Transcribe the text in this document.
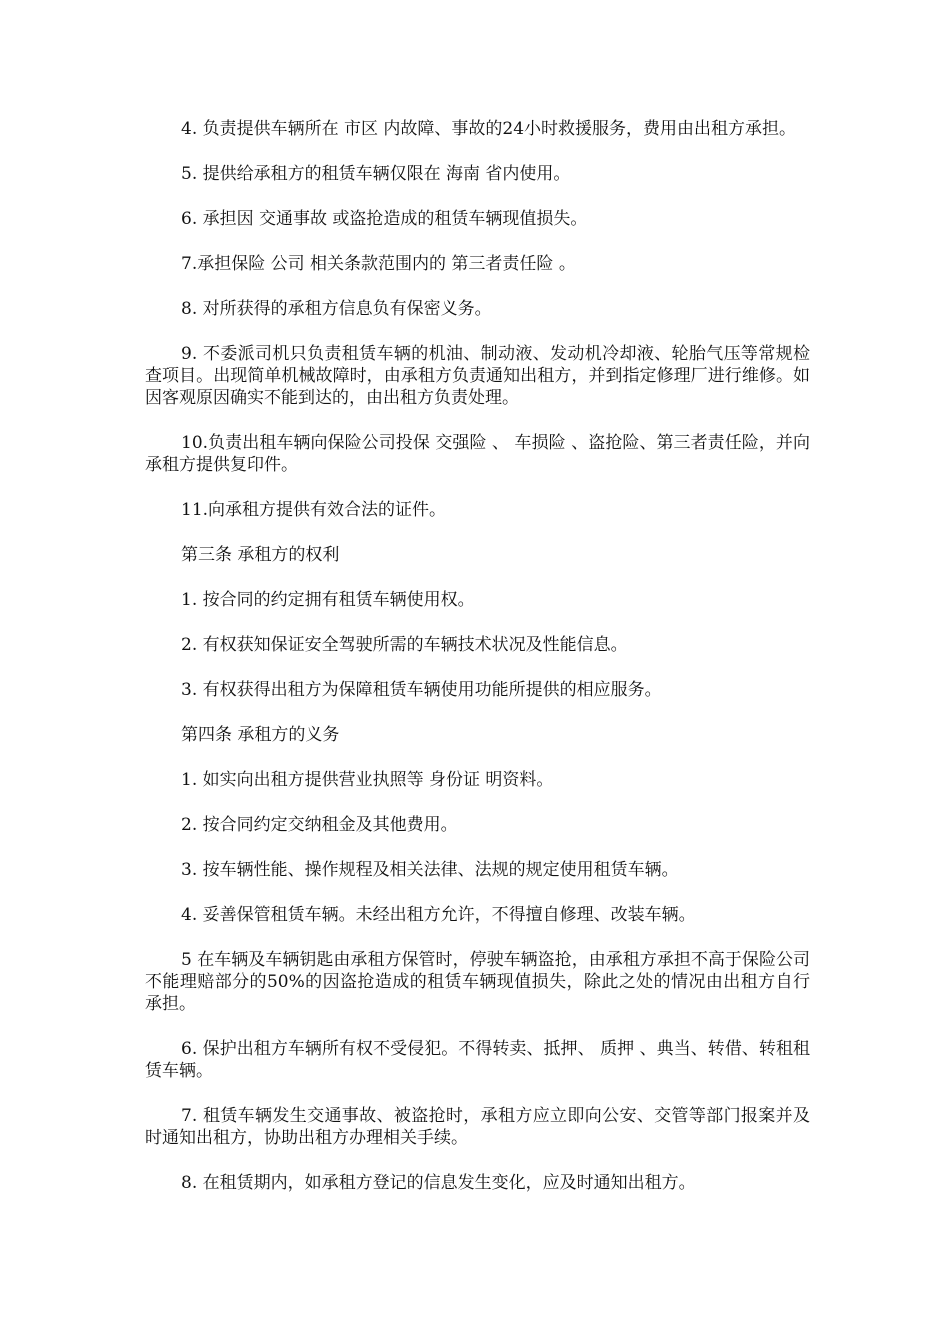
4. 负责提供车辆所在 市区 内故障、事故的24小时救援服务，费用由出租方承担。

5. 提供给承租方的租赁车辆仅限在 海南 省内使用。

6. 承担因 交通事故 或盗抢造成的租赁车辆现值损失。

7.承担保险 公司 相关条款范围内的 第三者责任险 。

8. 对所获得的承租方信息负有保密义务。

9. 不委派司机只负责租赁车辆的机油、制动液、发动机冷却液、轮胎气压等常规检查项目。出现简单机械故障时，由承租方负责通知出租方，并到指定修理厂进行维修。如因客观原因确实不能到达的，由出租方负责处理。

10.负责出租车辆向保险公司投保 交强险 、 车损险 、盗抢险、第三者责任险，并向承租方提供复印件。

11.向承租方提供有效合法的证件。

第三条 承租方的权利

1. 按合同的约定拥有租赁车辆使用权。

2. 有权获知保证安全驾驶所需的车辆技术状况及性能信息。

3. 有权获得出租方为保障租赁车辆使用功能所提供的相应服务。

第四条 承租方的义务

1. 如实向出租方提供营业执照等 身份证 明资料。

2. 按合同约定交纳租金及其他费用。

3. 按车辆性能、操作规程及相关法律、法规的规定使用租赁车辆。

4. 妥善保管租赁车辆。未经出租方允许，不得擅自修理、改装车辆。

5 在车辆及车辆钥匙由承租方保管时，停驶车辆盗抢，由承租方承担不高于保险公司不能理赔部分的50%的因盗抢造成的租赁车辆现值损失，除此之处的情况由出租方自行承担。

6. 保护出租方车辆所有权不受侵犯。不得转卖、抵押、 质押 、典当、转借、转租租赁车辆。

7. 租赁车辆发生交通事故、被盗抢时，承租方应立即向公安、交管等部门报案并及时通知出租方，协助出租方办理相关手续。

8. 在租赁期内，如承租方登记的信息发生变化，应及时通知出租方。
